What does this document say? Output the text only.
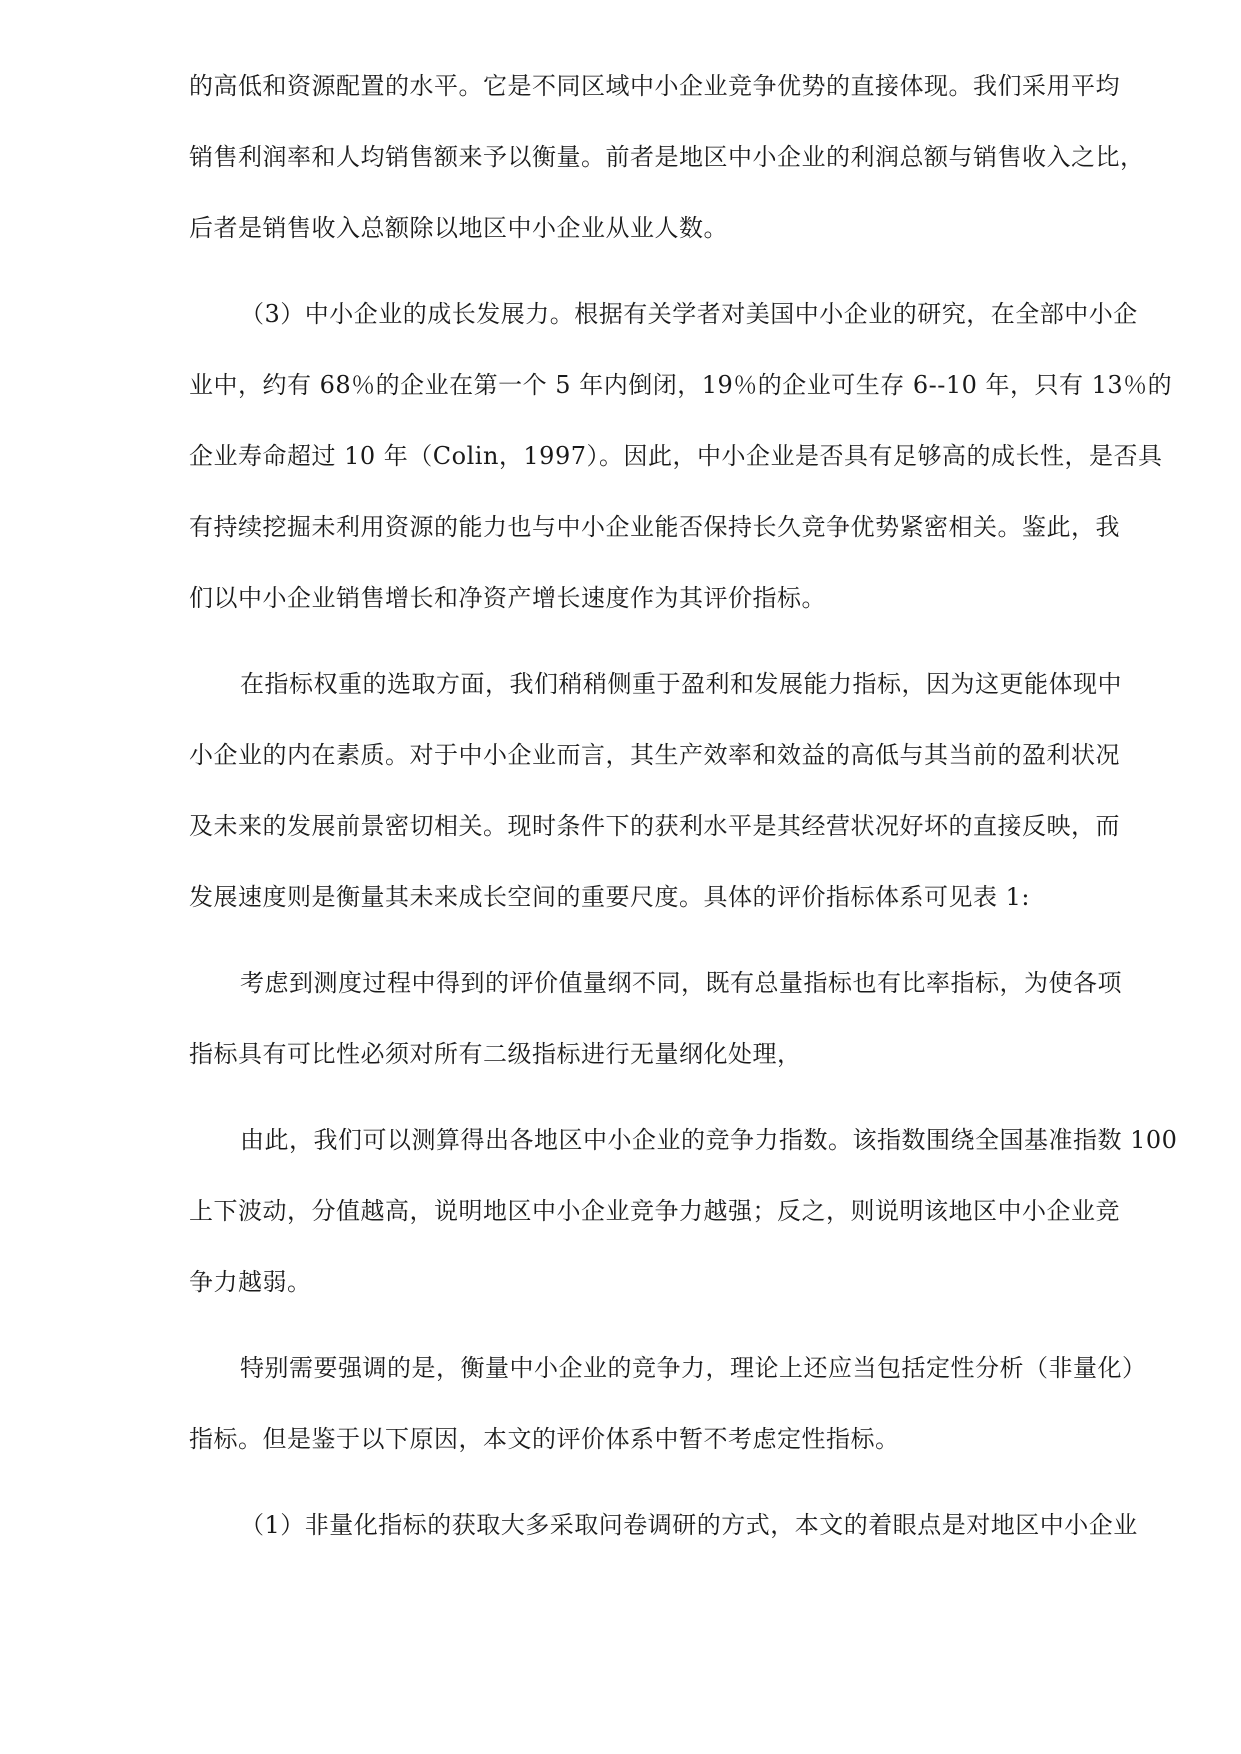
的高低和资源配置的水平。它是不同区域中小企业竞争优势的直接体现。我们采用平均

销售利润率和人均销售额来予以衡量。前者是地区中小企业的利润总额与销售收入之比，

后者是销售收入总额除以地区中小企业从业人数。

（3）中小企业的成长发展力。根据有关学者对美国中小企业的研究，在全部中小企

业中，约有 68％的企业在第一个 5 年内倒闭，19％的企业可生存 6--10 年，只有 13％的

企业寿命超过 10 年（Colin，1997）。因此，中小企业是否具有足够高的成长性，是否具

有持续挖掘未利用资源的能力也与中小企业能否保持长久竞争优势紧密相关。鉴此，我

们以中小企业销售增长和净资产增长速度作为其评价指标。

在指标权重的选取方面，我们稍稍侧重于盈利和发展能力指标，因为这更能体现中

小企业的内在素质。对于中小企业而言，其生产效率和效益的高低与其当前的盈利状况

及未来的发展前景密切相关。现时条件下的获利水平是其经营状况好坏的直接反映，而

发展速度则是衡量其未来成长空间的重要尺度。具体的评价指标体系可见表 1:

考虑到测度过程中得到的评价值量纲不同，既有总量指标也有比率指标，为使各项

指标具有可比性必须对所有二级指标进行无量纲化处理，

由此，我们可以测算得出各地区中小企业的竞争力指数。该指数围绕全国基准指数 100

上下波动，分值越高，说明地区中小企业竞争力越强；反之，则说明该地区中小企业竞

争力越弱。

特别需要强调的是，衡量中小企业的竞争力，理论上还应当包括定性分析（非量化）

指标。但是鉴于以下原因，本文的评价体系中暂不考虑定性指标。

（1）非量化指标的获取大多采取问卷调研的方式，本文的着眼点是对地区中小企业
